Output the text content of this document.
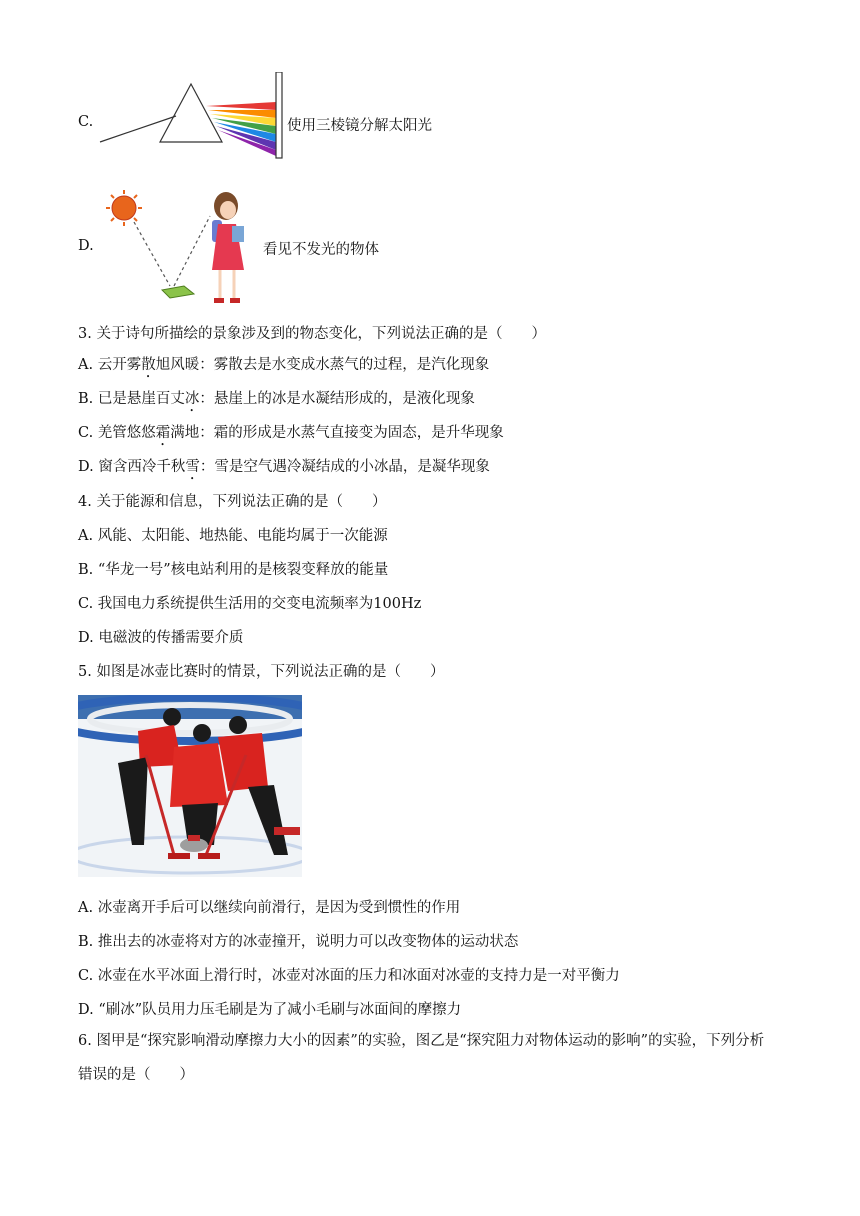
C.	使用三棱镜分解太阳光
D.	看见不发光的物体
3. 关于诗句所描绘的景象涉及到的物态变化，下列说法正确的是（　　）
A. 云开雾散旭风暖：雾散去是水变成水蒸气的过程，是汽化现象
B. 已是悬崖百丈冰：悬崖上的冰是水凝结形成的，是液化现象
C. 羌管悠悠霜满地：霜的形成是水蒸气直接变为固态，是升华现象
D. 窗含西冷千秋雪：雪是空气遇冷凝结成的小冰晶，是凝华现象
4. 关于能源和信息，下列说法正确的是（　　）
A. 风能、太阳能、地热能、电能均属于一次能源
B. “华龙一号”核电站利用的是核裂变释放的能量
C. 我国电力系统提供生活用的交变电流频率为100Hz
D. 电磁波的传播需要介质
5. 如图是冰壶比赛时的情景，下列说法正确的是（　　）
A. 冰壶离开手后可以继续向前滑行，是因为受到惯性的作用
B. 推出去的冰壶将对方的冰壶撞开，说明力可以改变物体的运动状态
C. 冰壶在水平冰面上滑行时，冰壶对冰面的压力和冰面对冰壶的支持力是一对平衡力
D. “刷冰”队员用力压毛刷是为了减小毛刷与冰面间的摩擦力
6. 图甲是“探究影响滑动摩擦力大小的因素”的实验，图乙是“探究阻力对物体运动的影响”的实验，下列分析错误的是（　　）
